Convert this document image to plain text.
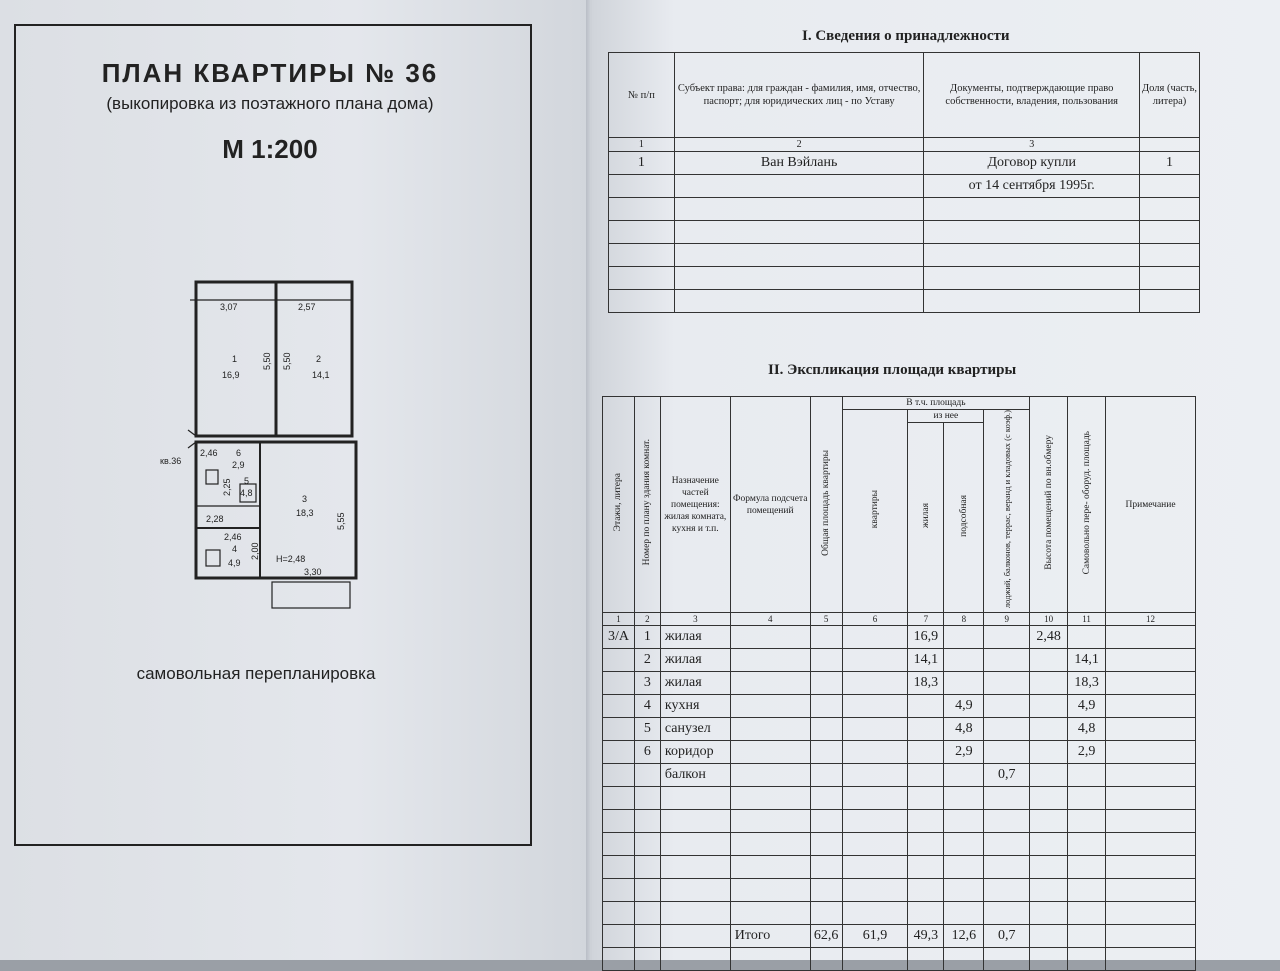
ПЛАН КВАРТИРЫ № 36
(выкопировка из поэтажного плана дома)
М 1:200
3,07	2,57
1
16,9
5,50 5,50	2
14,1
2,46 6
2,9
кв.36
2,25 5
4,8
2,28
3
18,3 5,55
2,46
4
4,9
2,00 Н=2,48
3,30
самовольная перепланировка
I. Сведения о принадлежности
№ п/п	Субъект права: для граждан - фамилия, имя, отчество, паспорт; для юридических лиц - по Уставу	Документы, подтверждающие право собственности, владения, пользования	Доля (часть, литера)
1	2	3	
1	Ван Вэйлань	Договор купли	1
		от 14 сентября 1995г.	

II. Экспликация площади квартиры
Этажи, литера	Номер по плану здания комнат.	Назначение частей помещения: жилая комната, кухня и т.п.	Формула подсчета помещений	Общая площадь квартиры	В т.ч. площадь				Высота помещений по вн.обмеру	Самовольно пере- оборуд. площадь	Примечание
					квартиры	из нее		лоджий, балконов, террас, веранд и кладовых (с коэф.)			
						жилая	подсобная				
1	2	3	4	5	6	7	8	9	10	11	12
3/А	1	жилая				16,9			2,48		
	2	жилая				14,1				14,1	
	3	жилая				18,3				18,3	
	4	кухня					4,9			4,9	
	5	санузел					4,8			4,8	
	6	коридор					2,9			2,9	
		балкон						0,7			

			Итого	62,6	61,9	49,3	12,6	0,7			
